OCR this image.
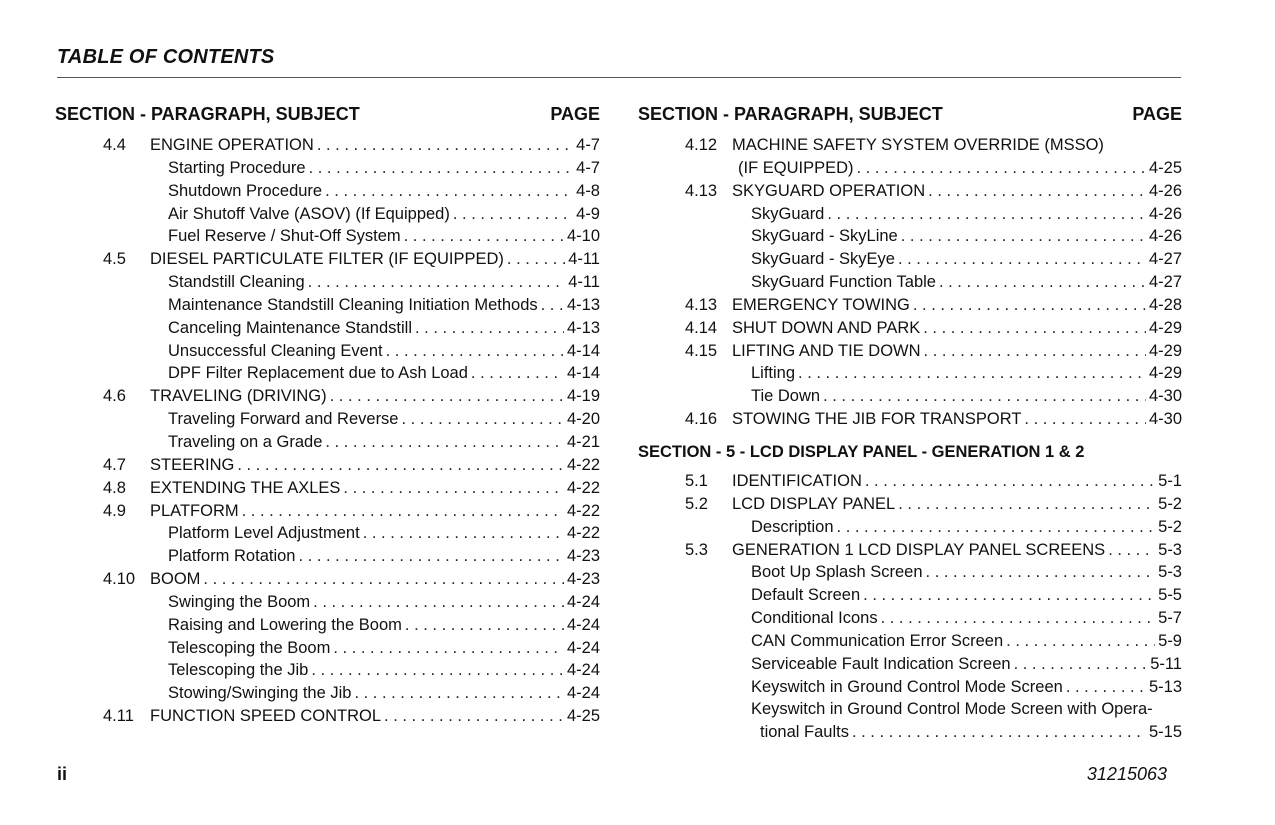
TABLE OF CONTENTS
SECTION - PARAGRAPH, SUBJECT	PAGE
4.4 ENGINE OPERATION . . .	4-7
Starting Procedure . . .	4-7
Shutdown Procedure . . .	4-8
Air Shutoff Valve (ASOV) (If Equipped) . . .	4-9
Fuel Reserve / Shut-Off System . . .	4-10
4.5 DIESEL PARTICULATE FILTER (IF EQUIPPED) . . .	4-11
Standstill Cleaning . . .	4-11
Maintenance Standstill Cleaning Initiation Methods . . . 4-13
Canceling Maintenance Standstill . . .	4-13
Unsuccessful Cleaning Event . . .	4-14
DPF Filter Replacement due to Ash Load . . .	4-14
4.6 TRAVELING (DRIVING) . . .	4-19
Traveling Forward and Reverse . . .	4-20
Traveling on a Grade . . .	4-21
4.7 STEERING . . .	4-22
4.8 EXTENDING THE AXLES . . .	4-22
4.9 PLATFORM . . .	4-22
Platform Level Adjustment . . .	4-22
Platform Rotation . . .	4-23
4.10 BOOM . . .	4-23
Swinging the Boom . . .	4-24
Raising and Lowering the Boom . . .	4-24
Telescoping the Boom . . .	4-24
Telescoping the Jib . . .	4-24
Stowing/Swinging the Jib . . .	4-24
4.11 FUNCTION SPEED CONTROL . . .	4-25
SECTION - PARAGRAPH, SUBJECT	PAGE
4.12 MACHINE SAFETY SYSTEM OVERRIDE (MSSO)
(IF EQUIPPED) . . .	4-25
4.13 SKYGUARD OPERATION . . .	4-26
SkyGuard . . .	4-26
SkyGuard - SkyLine . . .	4-26
SkyGuard - SkyEye . . .	4-27
SkyGuard Function Table . . .	4-27
4.13 EMERGENCY TOWING . . .	4-28
4.14 SHUT DOWN AND PARK . . .	4-29
4.15 LIFTING AND TIE DOWN . . .	4-29
Lifting . . .	4-29
Tie Down . . .	4-30
4.16 STOWING THE JIB FOR TRANSPORT . . .	4-30
SECTION - 5 - LCD DISPLAY PANEL - GENERATION 1 & 2
5.1 IDENTIFICATION . . .	5-1
5.2 LCD DISPLAY PANEL . . .	5-2
Description . . .	5-2
5.3 GENERATION 1 LCD DISPLAY PANEL SCREENS . . .	5-3
Boot Up Splash Screen . . .	5-3
Default Screen . . .	5-5
Conditional Icons . . .	5-7
CAN Communication Error Screen . . .	5-9
Serviceable Fault Indication Screen . . .	5-11
Keyswitch in Ground Control Mode Screen . . .	5-13
Keyswitch in Ground Control Mode Screen with Opera-
tional Faults . . .	5-15
ii	31215063
